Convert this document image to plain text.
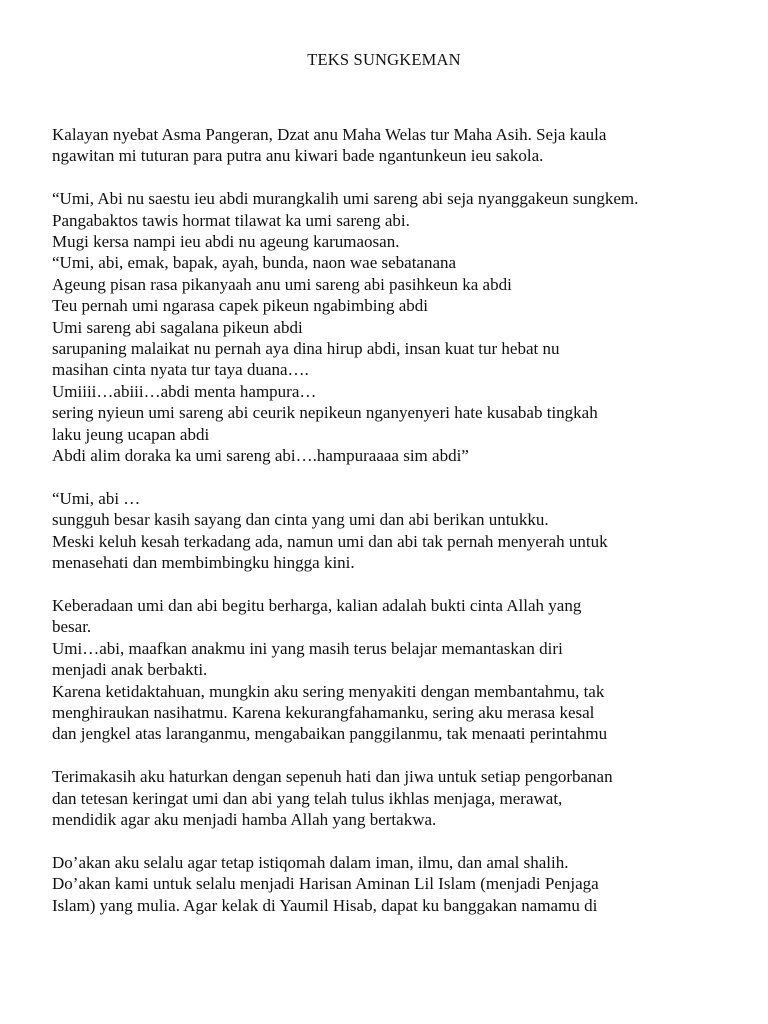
TEKS SUNGKEMAN
Kalayan nyebat Asma Pangeran, Dzat anu Maha Welas tur Maha Asih. Seja kaula
ngawitan mi tuturan para putra anu kiwari bade ngantunkeun ieu sakola.
“Umi, Abi nu saestu ieu abdi murangkalih umi sareng abi seja nyanggakeun sungkem.
Pangabaktos tawis hormat tilawat ka umi sareng abi.
Mugi kersa nampi ieu abdi nu ageung karumaosan.
“Umi, abi, emak, bapak, ayah, bunda, naon wae sebatanana
Ageung pisan rasa pikanyaah anu umi sareng abi pasihkeun ka abdi
Teu pernah umi ngarasa capek pikeun ngabimbing abdi
Umi sareng abi sagalana pikeun abdi
sarupaning malaikat nu pernah aya dina hirup abdi, insan kuat tur hebat nu
masihan cinta nyata tur taya duana….
Umiiii…abiii…abdi menta hampura…
sering nyieun umi sareng abi ceurik nepikeun nganyenyeri hate kusabab tingkah
laku jeung ucapan abdi
Abdi alim doraka ka umi sareng abi….hampuraaaa sim abdi”
“Umi, abi …
sungguh besar kasih sayang dan cinta yang umi dan abi berikan untukku.
Meski keluh kesah terkadang ada, namun umi dan abi tak pernah menyerah untuk
menasehati dan membimbingku hingga kini.
Keberadaan umi dan abi begitu berharga, kalian adalah bukti cinta Allah yang
besar.
Umi…abi, maafkan anakmu ini yang masih terus belajar memantaskan diri
menjadi anak berbakti.
Karena ketidaktahuan, mungkin aku sering menyakiti dengan membantahmu, tak
menghiraukan nasihatmu. Karena kekurangfahamanku, sering aku merasa kesal
dan jengkel atas laranganmu, mengabaikan panggilanmu, tak menaati perintahmu
Terimakasih aku haturkan dengan sepenuh hati dan jiwa untuk setiap pengorbanan
dan tetesan keringat umi dan abi yang telah tulus ikhlas menjaga, merawat,
mendidik agar aku menjadi hamba Allah yang bertakwa.
Do’akan aku selalu agar tetap istiqomah dalam iman, ilmu, dan amal shalih.
Do’akan kami untuk selalu menjadi Harisan Aminan Lil Islam (menjadi Penjaga
Islam) yang mulia. Agar kelak di Yaumil Hisab, dapat ku banggakan namamu di
